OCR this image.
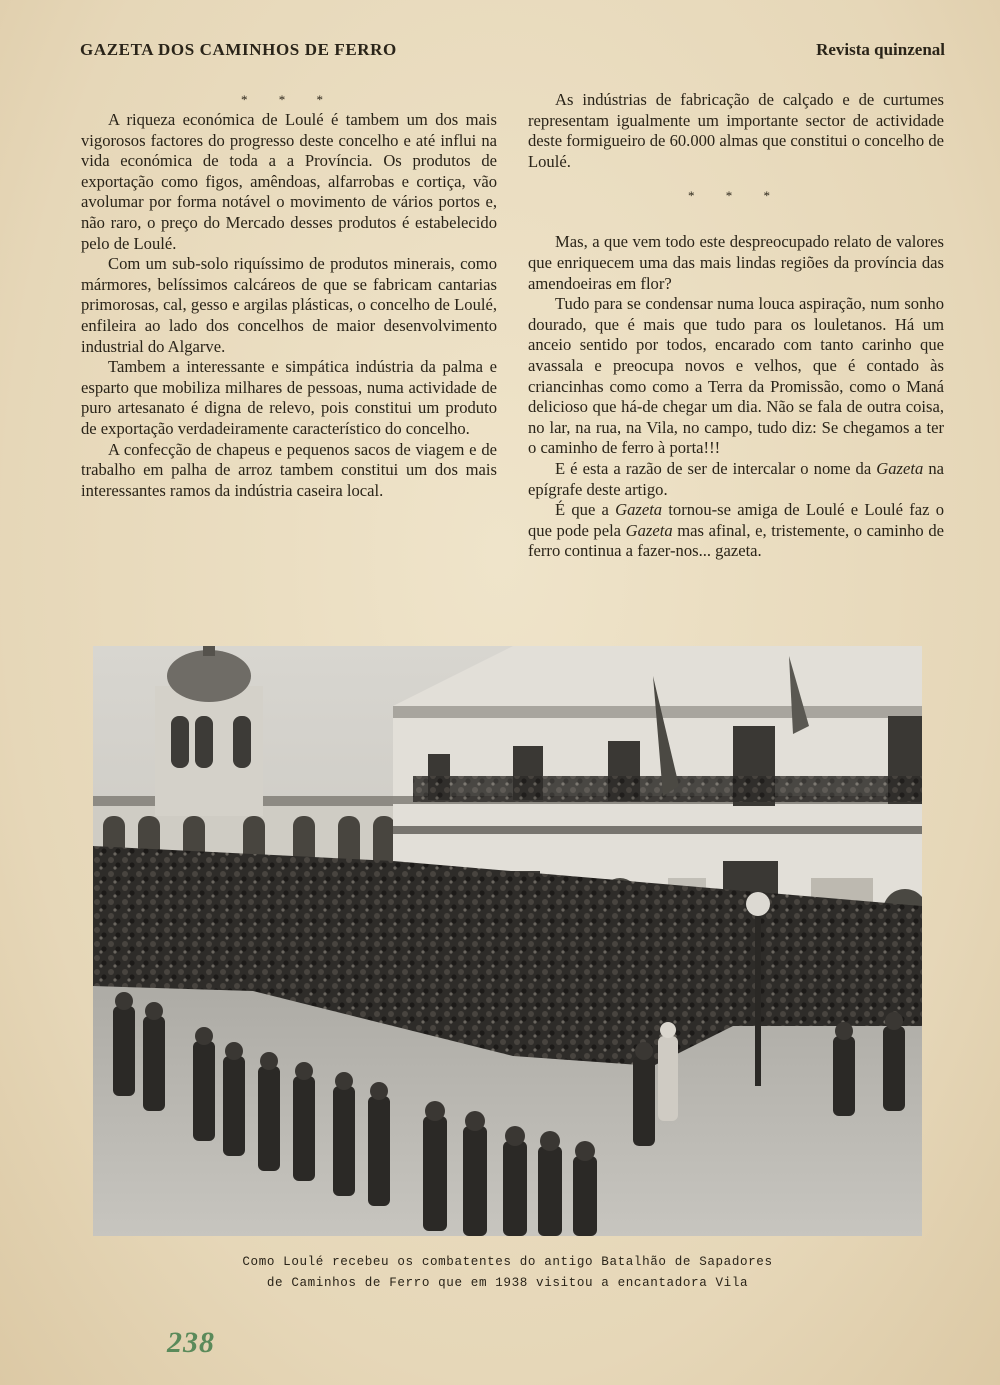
GAZETA DOS CAMINHOS DE FERRO	Revista quinzenal

* * *

A riqueza económica de Loulé é tambem um dos mais vigorosos factores do progresso deste concelho e até influi na vida económica de toda a a Província. Os produtos de exportação como figos, amêndoas, alfarrobas e cortiça, vão avolumar por forma notável o movimento de vários portos e, não raro, o preço do Mercado desses produtos é estabelecido pelo de Loulé.

Com um sub-solo riquíssimo de produtos minerais, como mármores, belíssimos calcáreos de que se fabricam cantarias primorosas, cal, gesso e argilas plásticas, o concelho de Loulé, enfileira ao lado dos concelhos de maior desenvolvimento industrial do Algarve.

Tambem a interessante e simpática indústria da palma e esparto que mobiliza milhares de pessoas, numa actividade de puro artesanato é digna de relevo, pois constitui um produto de exportação verdadeiramente característico do concelho.

A confecção de chapeus e pequenos sacos de viagem e de trabalho em palha de arroz tambem constitui um dos mais interessantes ramos da indústria caseira local.

As indústrias de fabricação de calçado e de curtumes representam igualmente um importante sector de actividade deste formigueiro de 60.000 almas que constitui o concelho de Loulé.

* * *

Mas, a que vem todo este despreocupado relato de valores que enriquecem uma das mais lindas regiões da província das amendoeiras em flor?

Tudo para se condensar numa louca aspiração, num sonho dourado, que é mais que tudo para os louletanos. Há um anceio sentido por todos, encarado com tanto carinho que avassala e preocupa novos e velhos, que é contado às criancinhas como como a Terra da Promissão, como o Maná delicioso que há-de chegar um dia. Não se fala de outra coisa, no lar, na rua, na Vila, no campo, tudo diz: Se chegamos a ter o caminho de ferro à porta!!!

E é esta a razão de ser de intercalar o nome da Gazeta na epígrafe deste artigo.

É que a Gazeta tornou-se amiga de Loulé e Loulé faz o que pode pela Gazeta mas afinal, e, tristemente, o caminho de ferro continua a fazer-nos... gazeta.

Como Loulé recebeu os combatentes do antigo Batalhão de Sapadores
de Caminhos de Ferro que em 1938 visitou a encantadora Vila
238
